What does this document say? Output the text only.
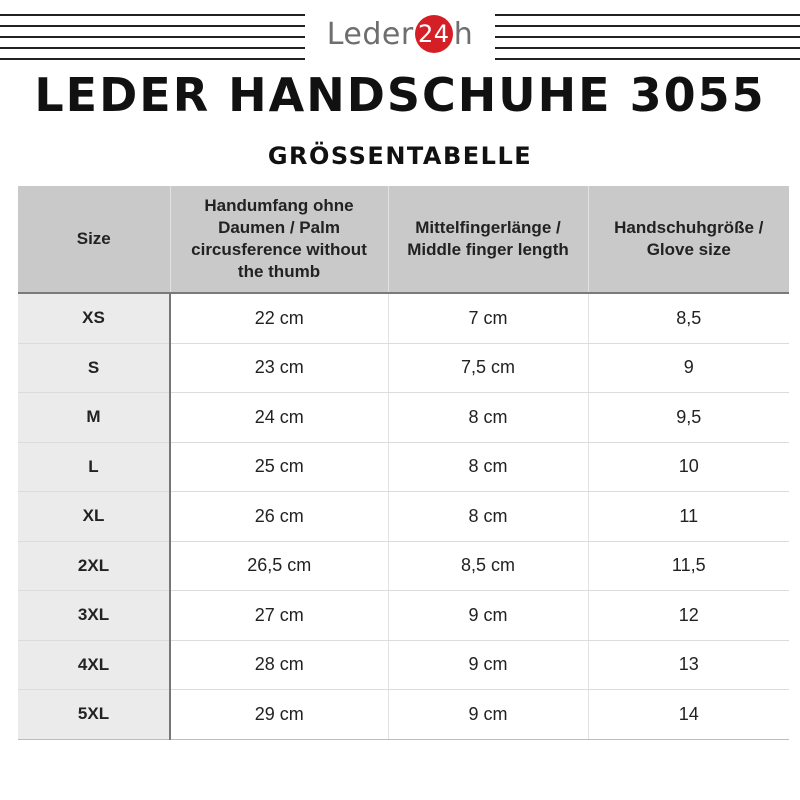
Leder 24 h
LEDER HANDSCHUHE 3055
GRÖSSENTABELLE
Size	Handumfang ohne Daumen / Palm circusference without the thumb	Mittelfingerlänge / Middle finger length	Handschuhgröße / Glove size
XS	22 cm	7 cm	8,5
S	23 cm	7,5 cm	9
M	24 cm	8 cm	9,5
L	25 cm	8 cm	10
XL	26 cm	8 cm	11
2XL	26,5 cm	8,5 cm	11,5
3XL	27 cm	9 cm	12
4XL	28 cm	9 cm	13
5XL	29 cm	9 cm	14
